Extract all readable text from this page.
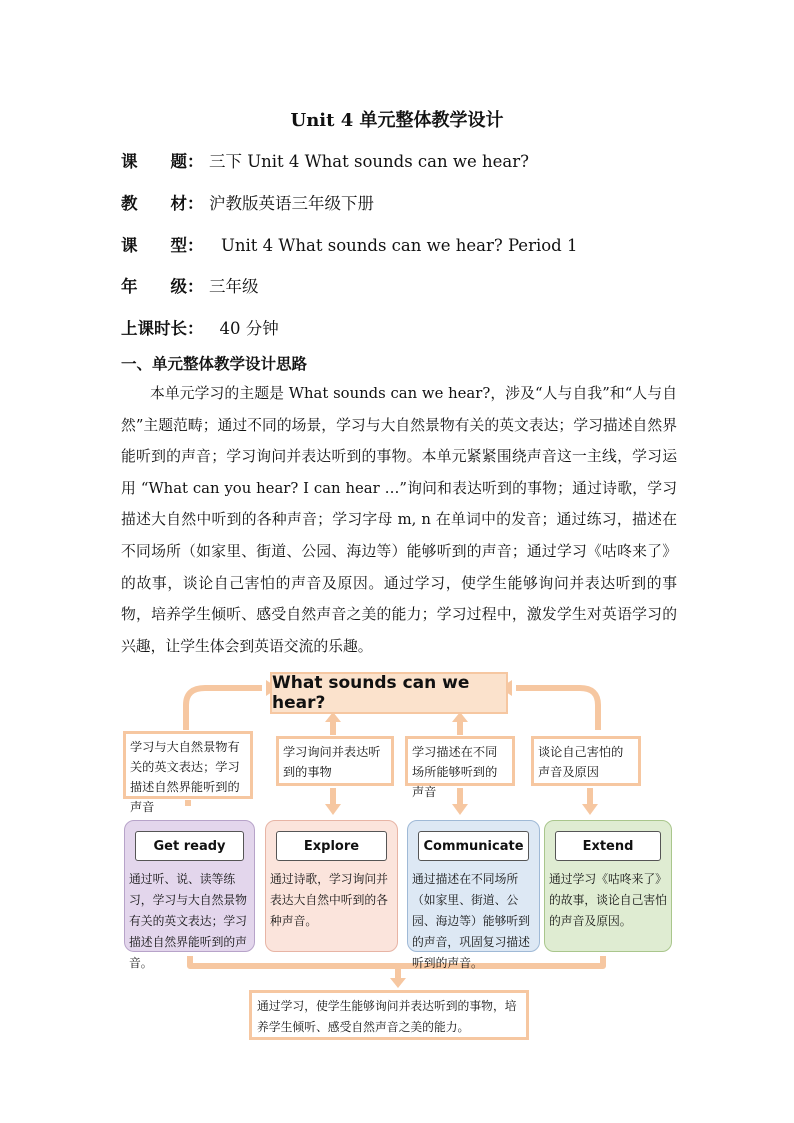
Unit 4 单元整体教学设计
课　　题： 三下 Unit 4 What sounds can we hear?
教　　材： 沪教版英语三年级下册
课　　型： Unit 4 What sounds can we hear? Period 1
年　　级： 三年级
上课时长： 40 分钟
一、单元整体教学设计思路
本单元学习的主题是 What sounds can we hear?，涉及“人与自我”和“人与自然”主题范畴；通过不同的场景，学习与大自然景物有关的英文表达；学习描述自然界能听到的声音；学习询问并表达听到的事物。本单元紧紧围绕声音这一主线，学习运用 “What can you hear? I can hear …”询问和表达听到的事物；通过诗歌，学习描述大自然中听到的各种声音；学习字母 m, n 在单词中的发音；通过练习，描述在不同场所（如家里、街道、公园、海边等）能够听到的声音；通过学习《咕咚来了》的故事，谈论自己害怕的声音及原因。通过学习，使学生能够询问并表达听到的事物，培养学生倾听、感受自然声音之美的能力；学习过程中，激发学生对英语学习的兴趣，让学生体会到英语交流的乐趣。
What sounds can we hear?
学习与大自然景物有关的英文表达；学习描述自然界能听到的声音
学习询问并表达听到的事物
学习描述在不同场所能够听到的声音
谈论自己害怕的声音及原因
Get ready
通过听、说、读等练习，学习与大自然景物有关的英文表达；学习描述自然界能听到的声音。
Explore
通过诗歌，学习询问并表达大自然中听到的各种声音。
Communicate
通过描述在不同场所（如家里、街道、公园、海边等）能够听到的声音，巩固复习描述听到的声音。
Extend
通过学习《咕咚来了》的故事，谈论自己害怕的声音及原因。
通过学习，使学生能够询问并表达听到的事物，培养学生倾听、感受自然声音之美的能力。
